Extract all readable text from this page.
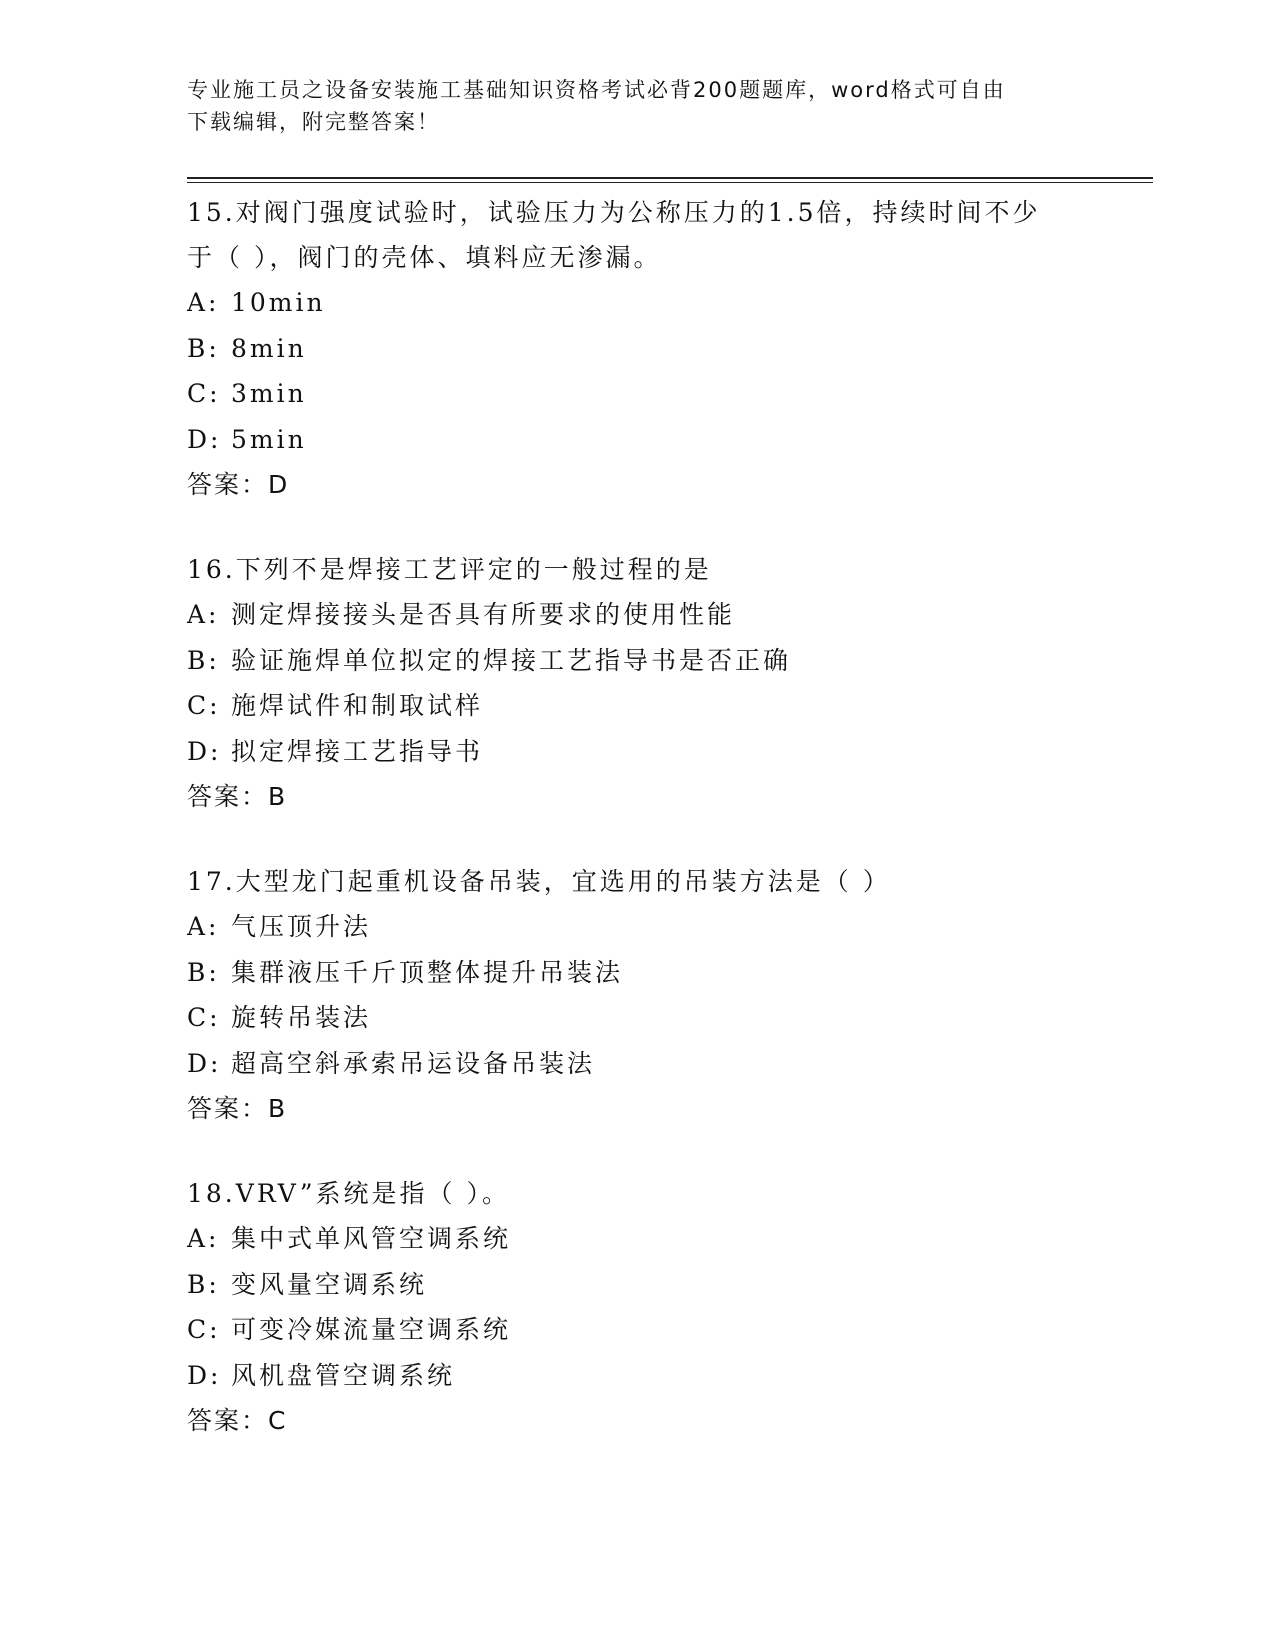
专业施工员之设备安装施工基础知识资格考试必背200题题库，word格式可自由
下载编辑，附完整答案！

15.对阀门强度试验时，试验压力为公称压力的1.5倍，持续时间不少
于（ ），阀门的壳体、填料应无渗漏。

A: 10min

B: 8min

C: 3min

D: 5min

答案：D

16.下列不是焊接工艺评定的一般过程的是

A: 测定焊接接头是否具有所要求的使用性能

B: 验证施焊单位拟定的焊接工艺指导书是否正确

C: 施焊试件和制取试样

D: 拟定焊接工艺指导书

答案：B

17.大型龙门起重机设备吊装，宜选用的吊装方法是（ ）

A: 气压顶升法

B: 集群液压千斤顶整体提升吊装法

C: 旋转吊装法

D: 超高空斜承索吊运设备吊装法

答案：B

18.VRV”系统是指（ ）。

A: 集中式单风管空调系统

B: 变风量空调系统

C: 可变冷媒流量空调系统

D: 风机盘管空调系统

答案：C
